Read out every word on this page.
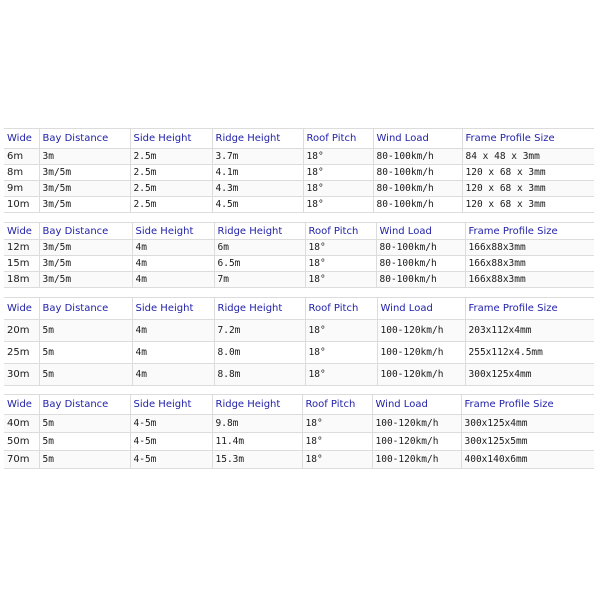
Wide	Bay Distance	Side Height	Ridge Height	Roof Pitch	Wind Load	Frame Profile Size
6m	3m	2.5m	3.7m	18°	80-100km/h	84 x 48 x 3mm
8m	3m/5m	2.5m	4.1m	18°	80-100km/h	120 x 68 x 3mm
9m	3m/5m	2.5m	4.3m	18°	80-100km/h	120 x 68 x 3mm
10m	3m/5m	2.5m	4.5m	18°	80-100km/h	120 x 68 x 3mm
Wide	Bay Distance	Side Height	Ridge Height	Roof Pitch	Wind Load	Frame Profile Size
12m	3m/5m	4m	6m	18°	80-100km/h	166x88x3mm
15m	3m/5m	4m	6.5m	18°	80-100km/h	166x88x3mm
18m	3m/5m	4m	7m	18°	80-100km/h	166x88x3mm
Wide	Bay Distance	Side Height	Ridge Height	Roof Pitch	Wind Load	Frame Profile Size
20m	5m	4m	7.2m	18°	100-120km/h	203x112x4mm
25m	5m	4m	8.0m	18°	100-120km/h	255x112x4.5mm
30m	5m	4m	8.8m	18°	100-120km/h	300x125x4mm
Wide	Bay Distance	Side Height	Ridge Height	Roof Pitch	Wind Load	Frame Profile Size
40m	5m	4-5m	9.8m	18°	100-120km/h	300x125x4mm
50m	5m	4-5m	11.4m	18°	100-120km/h	300x125x5mm
70m	5m	4-5m	15.3m	18°	100-120km/h	400x140x6mm
